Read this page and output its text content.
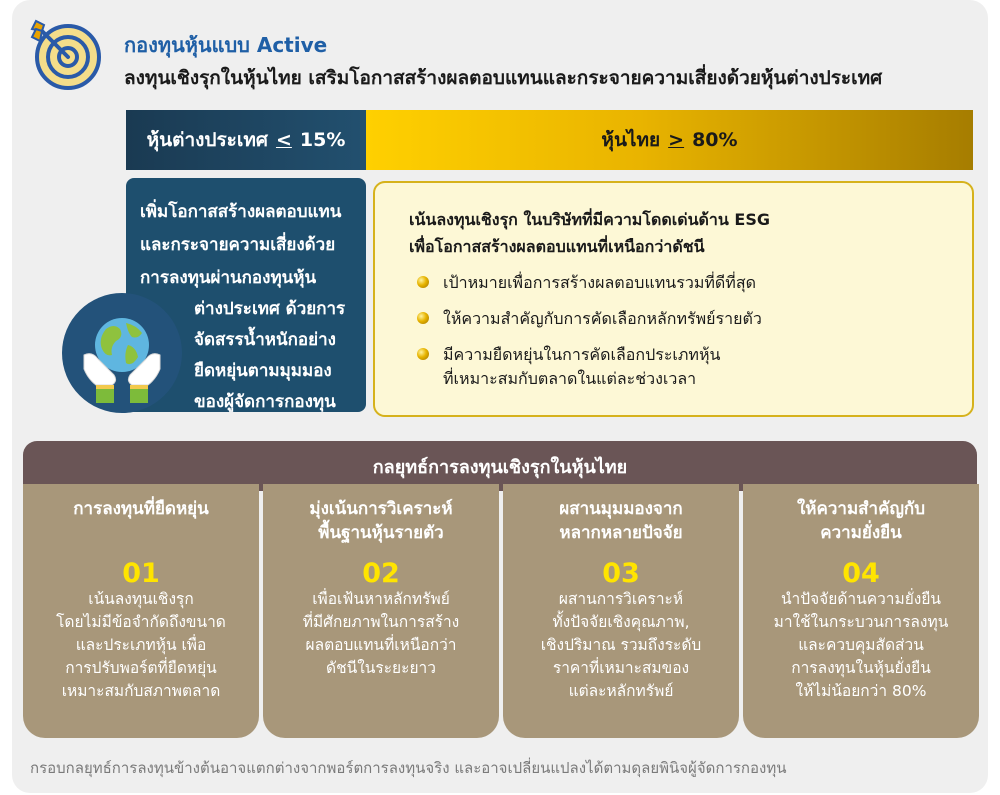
กองทุนหุ้นแบบ Active
ลงทุนเชิงรุกในหุ้นไทย เสริมโอกาสสร้างผลตอบแทนและกระจายความเสี่ยงด้วยหุ้นต่างประเทศ
หุ้นต่างประเทศ < 15%	หุ้นไทย > 80%
เพิ่มโอกาสสร้างผลตอบแทน
และกระจายความเสี่ยงด้วย
การลงทุนผ่านกองทุนหุ้น
ต่างประเทศ ด้วยการ
จัดสรรน้ำหนักอย่าง
ยืดหยุ่นตามมุมมอง
ของผู้จัดการกองทุน
เน้นลงทุนเชิงรุก ในบริษัทที่มีความโดดเด่นด้าน ESG
เพื่อโอกาสสร้างผลตอบแทนที่เหนือกว่าดัชนี
เป้าหมายเพื่อการสร้างผลตอบแทนรวมที่ดีที่สุด
ให้ความสำคัญกับการคัดเลือกหลักทรัพย์รายตัว
มีความยืดหยุ่นในการคัดเลือกประเภทหุ้น
ที่เหมาะสมกับตลาดในแต่ละช่วงเวลา
กลยุทธ์การลงทุนเชิงรุกในหุ้นไทย
การลงทุนที่ยืดหยุ่น
01
เน้นลงทุนเชิงรุก
โดยไม่มีข้อจำกัดถึงขนาด
และประเภทหุ้น เพื่อ
การปรับพอร์ตที่ยืดหยุ่น
เหมาะสมกับสภาพตลาด
มุ่งเน้นการวิเคราะห์
พื้นฐานหุ้นรายตัว
02
เพื่อเฟ้นหาหลักทรัพย์
ที่มีศักยภาพในการสร้าง
ผลตอบแทนที่เหนือกว่า
ดัชนีในระยะยาว
ผสานมุมมองจาก
หลากหลายปัจจัย
03
ผสานการวิเคราะห์
ทั้งปัจจัยเชิงคุณภาพ,
เชิงปริมาณ รวมถึงระดับ
ราคาที่เหมาะสมของ
แต่ละหลักทรัพย์
ให้ความสำคัญกับ
ความยั่งยืน
04
นำปัจจัยด้านความยั่งยืน
มาใช้ในกระบวนการลงทุน
และควบคุมสัดส่วน
การลงทุนในหุ้นยั่งยืน
ให้ไม่น้อยกว่า 80%
กรอบกลยุทธ์การลงทุนข้างต้นอาจแตกต่างจากพอร์ตการลงทุนจริง และอาจเปลี่ยนแปลงได้ตามดุลยพินิจผู้จัดการกองทุน
